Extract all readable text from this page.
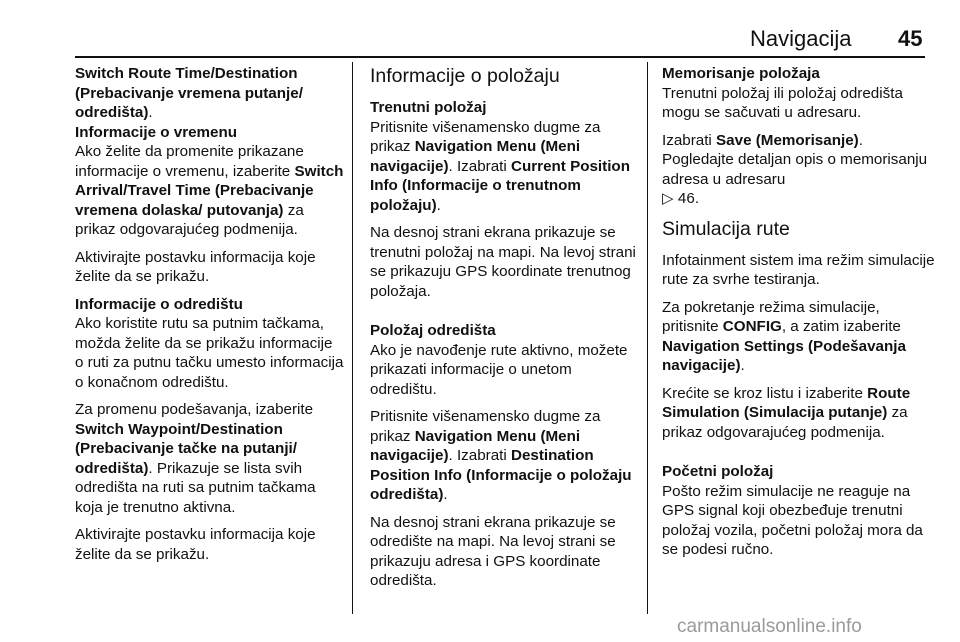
Navigacija 45

Switch Route Time/Destination (Prebacivanje vremena putanje/ odredišta).

Informacije o vremenu

Ako želite da promenite prikazane informacije o vremenu, izaberite Switch Arrival/Travel Time (Prebacivanje vremena dolaska/ putovanja) za prikaz odgovarajućeg podmenija.

Aktivirajte postavku informacija koje želite da se prikažu.

Informacije o odredištu

Ako koristite rutu sa putnim tačkama, možda želite da se prikažu informacije o ruti za putnu tačku umesto informacija o konačnom odredištu.

Za promenu podešavanja, izaberite Switch Waypoint/Destination (Prebacivanje tačke na putanji/ odredišta). Prikazuje se lista svih odredišta na ruti sa putnim tačkama koja je trenutno aktivna.

Aktivirajte postavku informacija koje želite da se prikažu.

Informacije o položaju

Trenutni položaj

Pritisnite višenamensko dugme za prikaz Navigation Menu (Meni navigacije). Izabrati Current Position Info (Informacije o trenutnom položaju).

Na desnoj strani ekrana prikazuje se trenutni položaj na mapi. Na levoj strani se prikazuju GPS koordinate trenutnog položaja.

Položaj odredišta

Ako je navođenje rute aktivno, možete prikazati informacije o unetom odredištu.

Pritisnite višenamensko dugme za prikaz Navigation Menu (Meni navigacije). Izabrati Destination Position Info (Informacije o položaju odredišta).

Na desnoj strani ekrana prikazuje se odredište na mapi. Na levoj strani se prikazuju adresa i GPS koordinate odredišta.

Memorisanje položaja

Trenutni položaj ili položaj odredišta mogu se sačuvati u adresaru.

Izabrati Save (Memorisanje).
Pogledajte detaljan opis o memorisanju adresa u adresaru
▷ 46.

Simulacija rute

Infotainment sistem ima režim simulacije rute za svrhe testiranja.

Za pokretanje režima simulacije, pritisnite CONFIG, a zatim izaberite Navigation Settings (Podešavanja navigacije).

Krećite se kroz listu i izaberite Route Simulation (Simulacija putanje) za prikaz odgovarajućeg podmenija.

Početni položaj

Pošto režim simulacije ne reaguje na GPS signal koji obezbeđuje trenutni položaj vozila, početni položaj mora da se podesi ručno.

carmanualsonline.info
